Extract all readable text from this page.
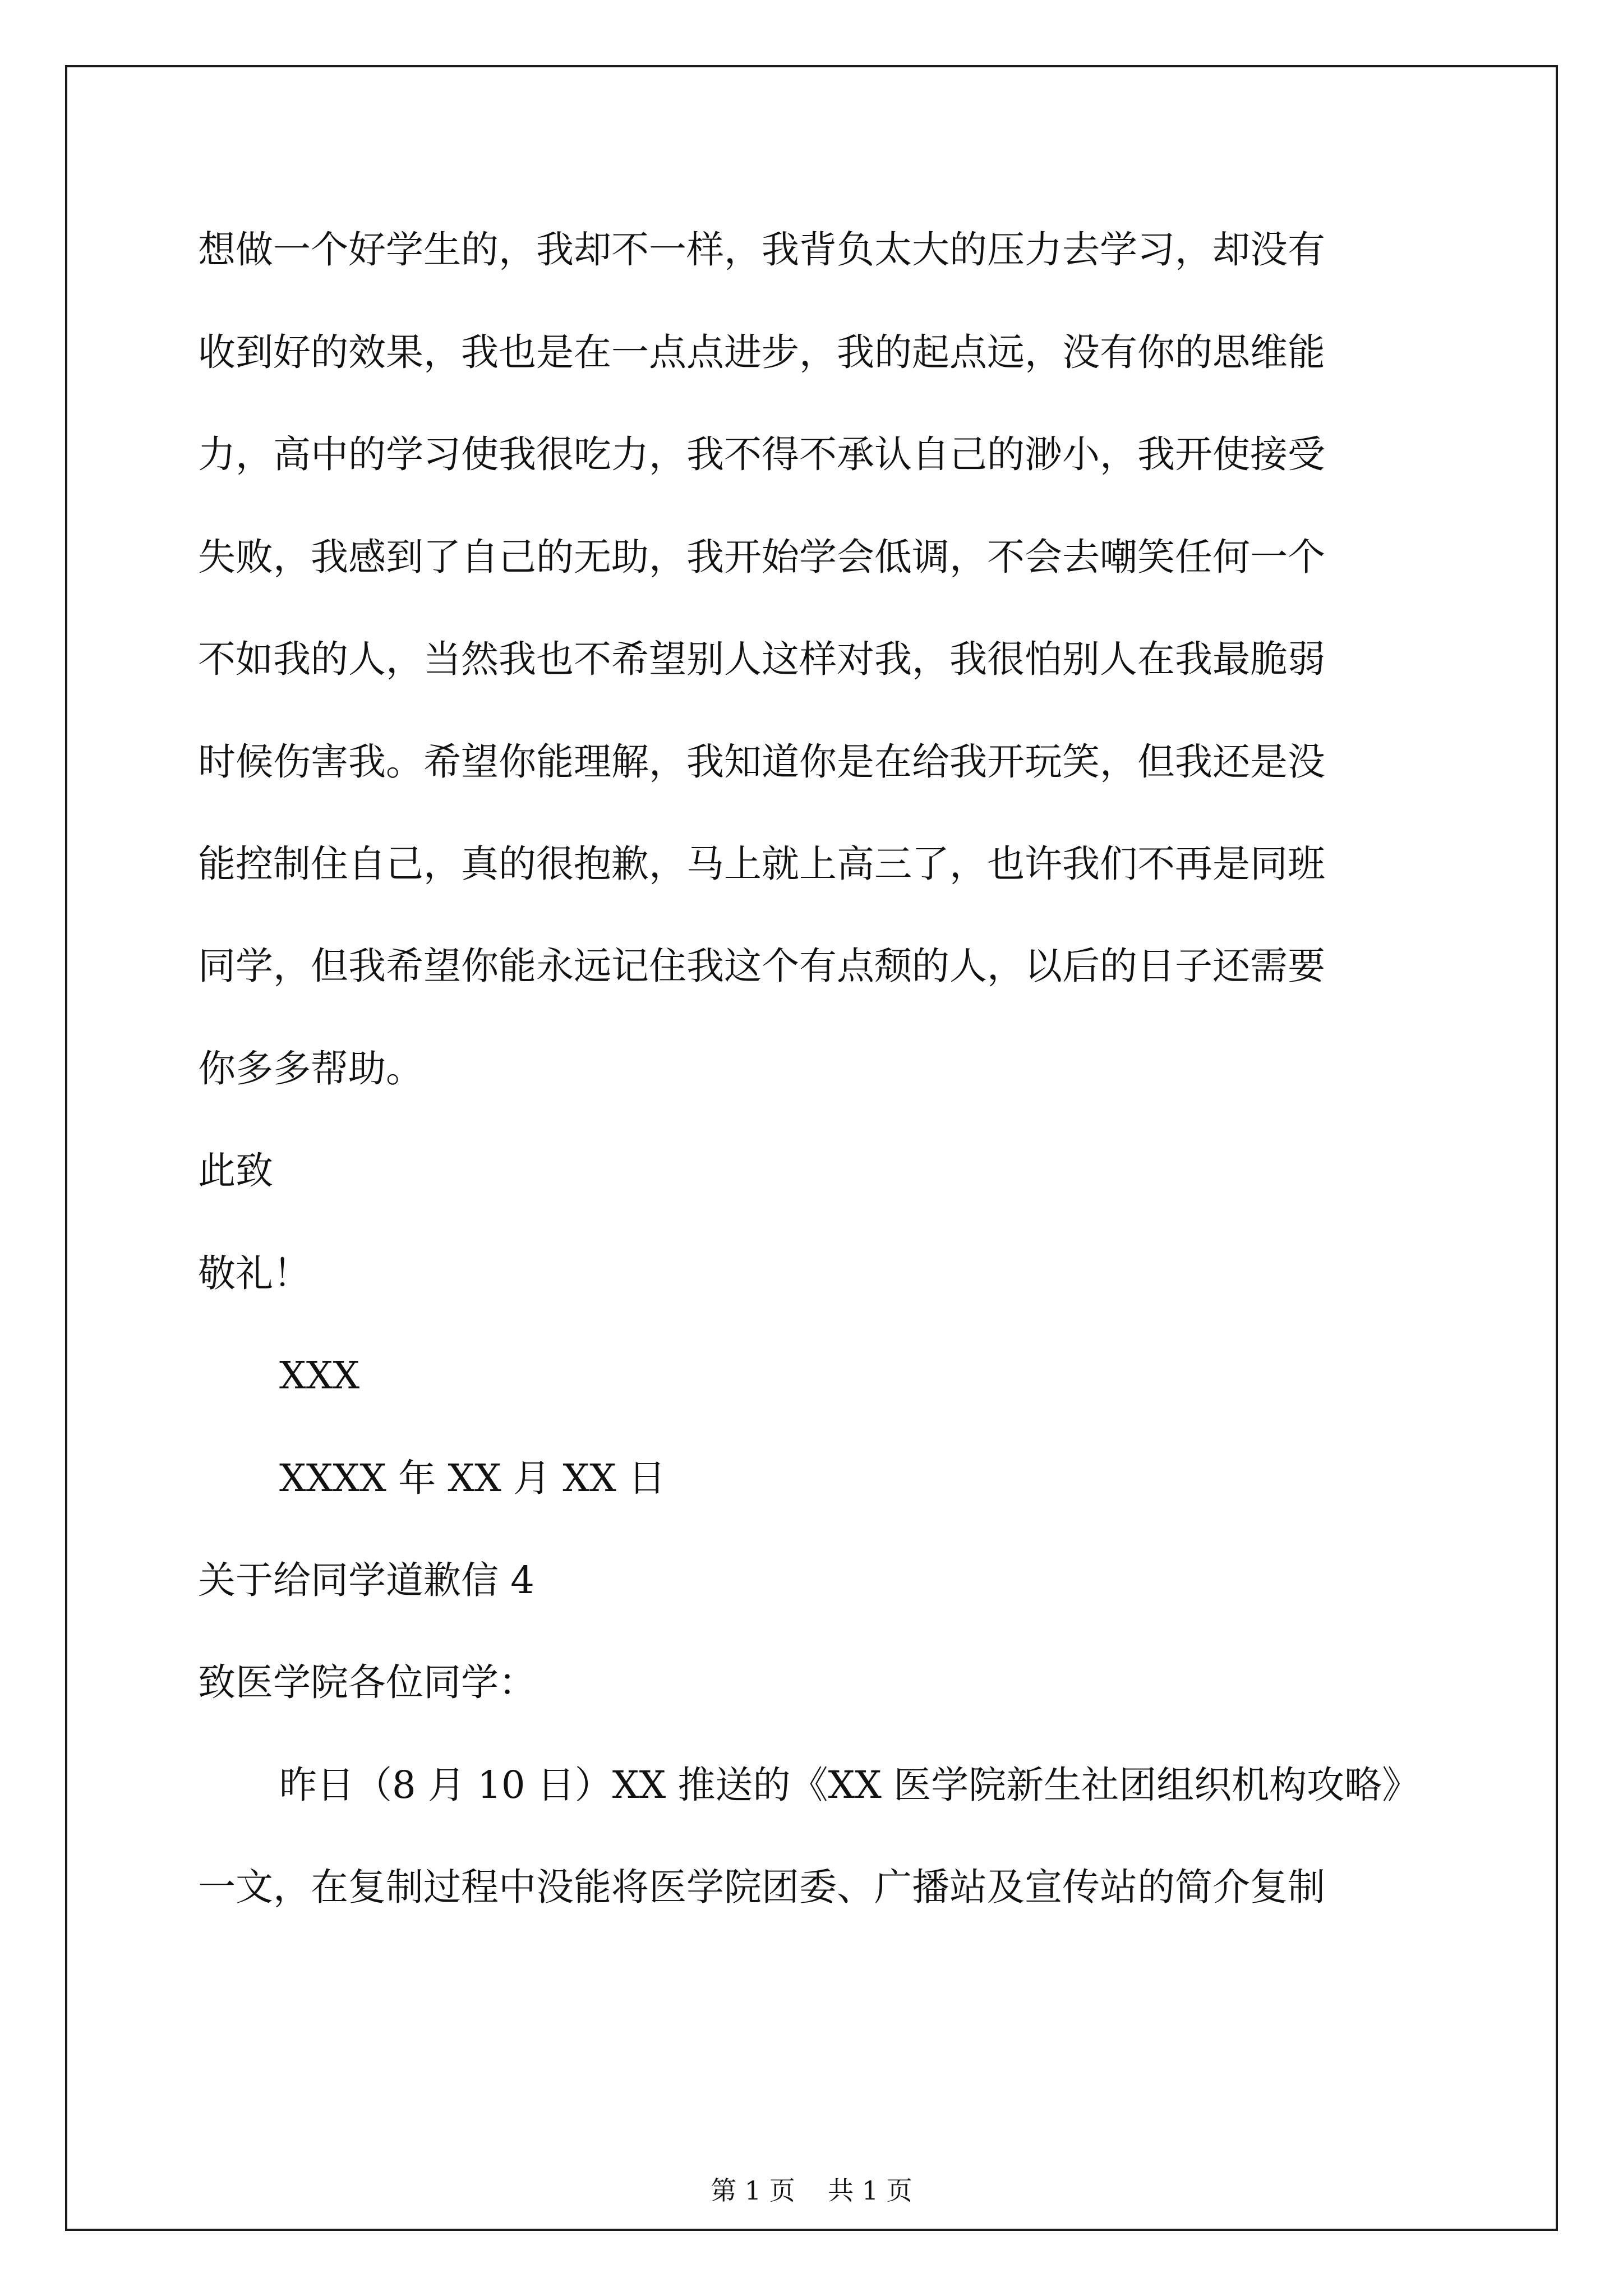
想做一个好学生的，我却不一样，我背负太大的压力去学习，却没有
收到好的效果，我也是在一点点进步，我的起点远，没有你的思维能
力，高中的学习使我很吃力，我不得不承认自己的渺小，我开使接受
失败，我感到了自己的无助，我开始学会低调，不会去嘲笑任何一个
不如我的人，当然我也不希望别人这样对我，我很怕别人在我最脆弱
时候伤害我。希望你能理解，我知道你是在给我开玩笑，但我还是没
能控制住自己，真的很抱歉，马上就上高三了，也许我们不再是同班
同学，但我希望你能永远记住我这个有点颓的人，以后的日子还需要
你多多帮助。
此致
敬礼！
XXX
XXXX 年 XX 月 XX 日
关于给同学道歉信 4
致医学院各位同学：
昨日（8 月 10 日）XX 推送的《XX 医学院新生社团组织机构攻略》
一文，在复制过程中没能将医学院团委、广播站及宣传站的简介复制
第 1 页    共 1 页
